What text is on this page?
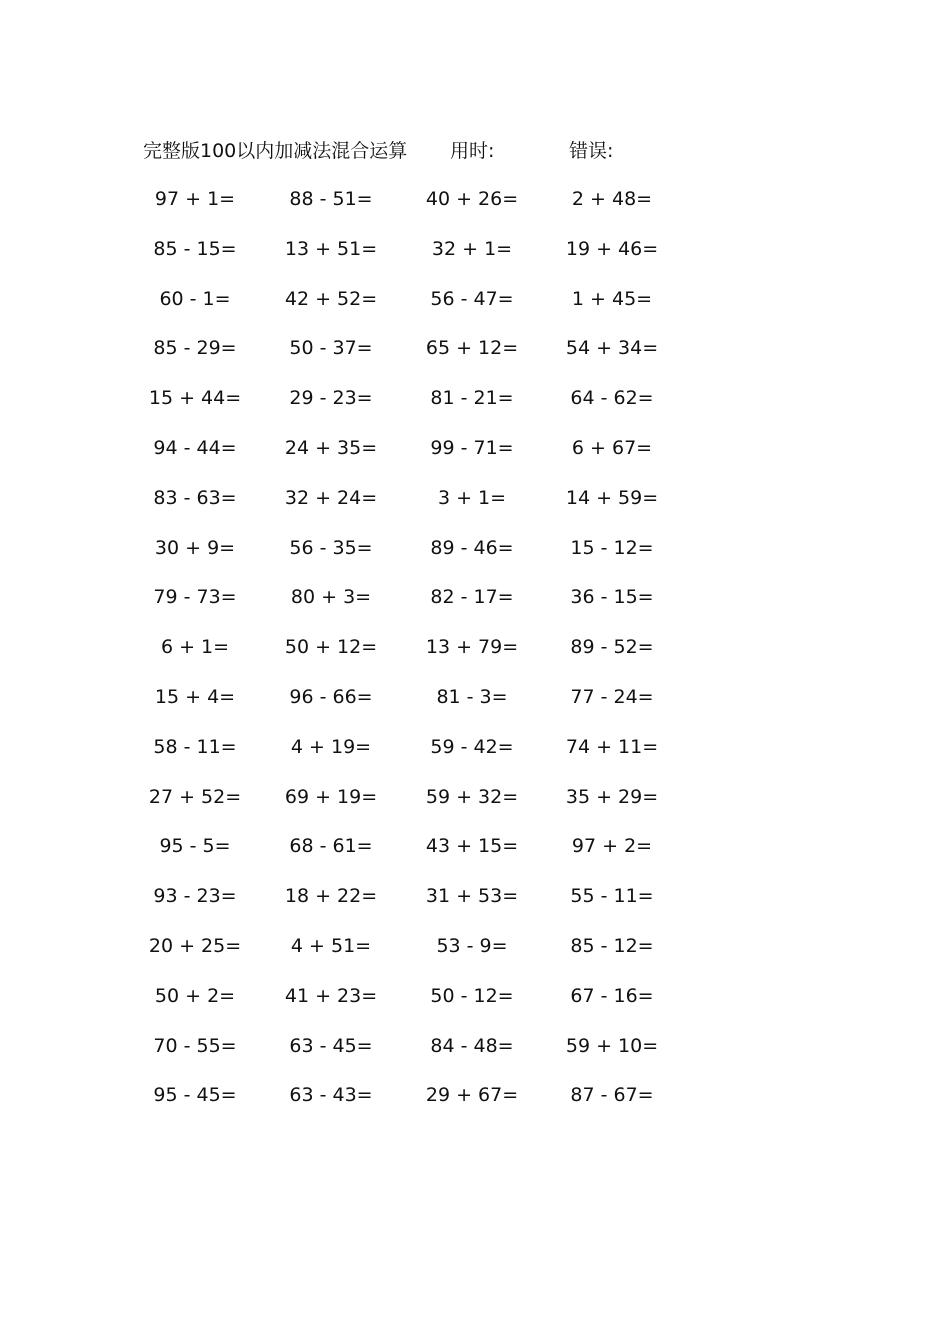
完整版100以内加减法混合运算 用时:	错误:
97 + 1=	88 - 51=	40 + 26=	2 + 48=
85 - 15=	13 + 51=	32 + 1=	19 + 46=
60 - 1=	42 + 52=	56 - 47=	1 + 45=
85 - 29=	50 - 37=	65 + 12=	54 + 34=
15 + 44=	29 - 23=	81 - 21=	64 - 62=
94 - 44=	24 + 35=	99 - 71=	6 + 67=
83 - 63=	32 + 24=	3 + 1=	14 + 59=
30 + 9=	56 - 35=	89 - 46=	15 - 12=
79 - 73=	80 + 3=	82 - 17=	36 - 15=
6 + 1=	50 + 12=	13 + 79=	89 - 52=
15 + 4=	96 - 66=	81 - 3=	77 - 24=
58 - 11=	4 + 19=	59 - 42=	74 + 11=
27 + 52=	69 + 19=	59 + 32=	35 + 29=
95 - 5=	68 - 61=	43 + 15=	97 + 2=
93 - 23=	18 + 22=	31 + 53=	55 - 11=
20 + 25=	4 + 51=	53 - 9=	85 - 12=
50 + 2=	41 + 23=	50 - 12=	67 - 16=
70 - 55=	63 - 45=	84 - 48=	59 + 10=
95 - 45=	63 - 43=	29 + 67=	87 - 67=
